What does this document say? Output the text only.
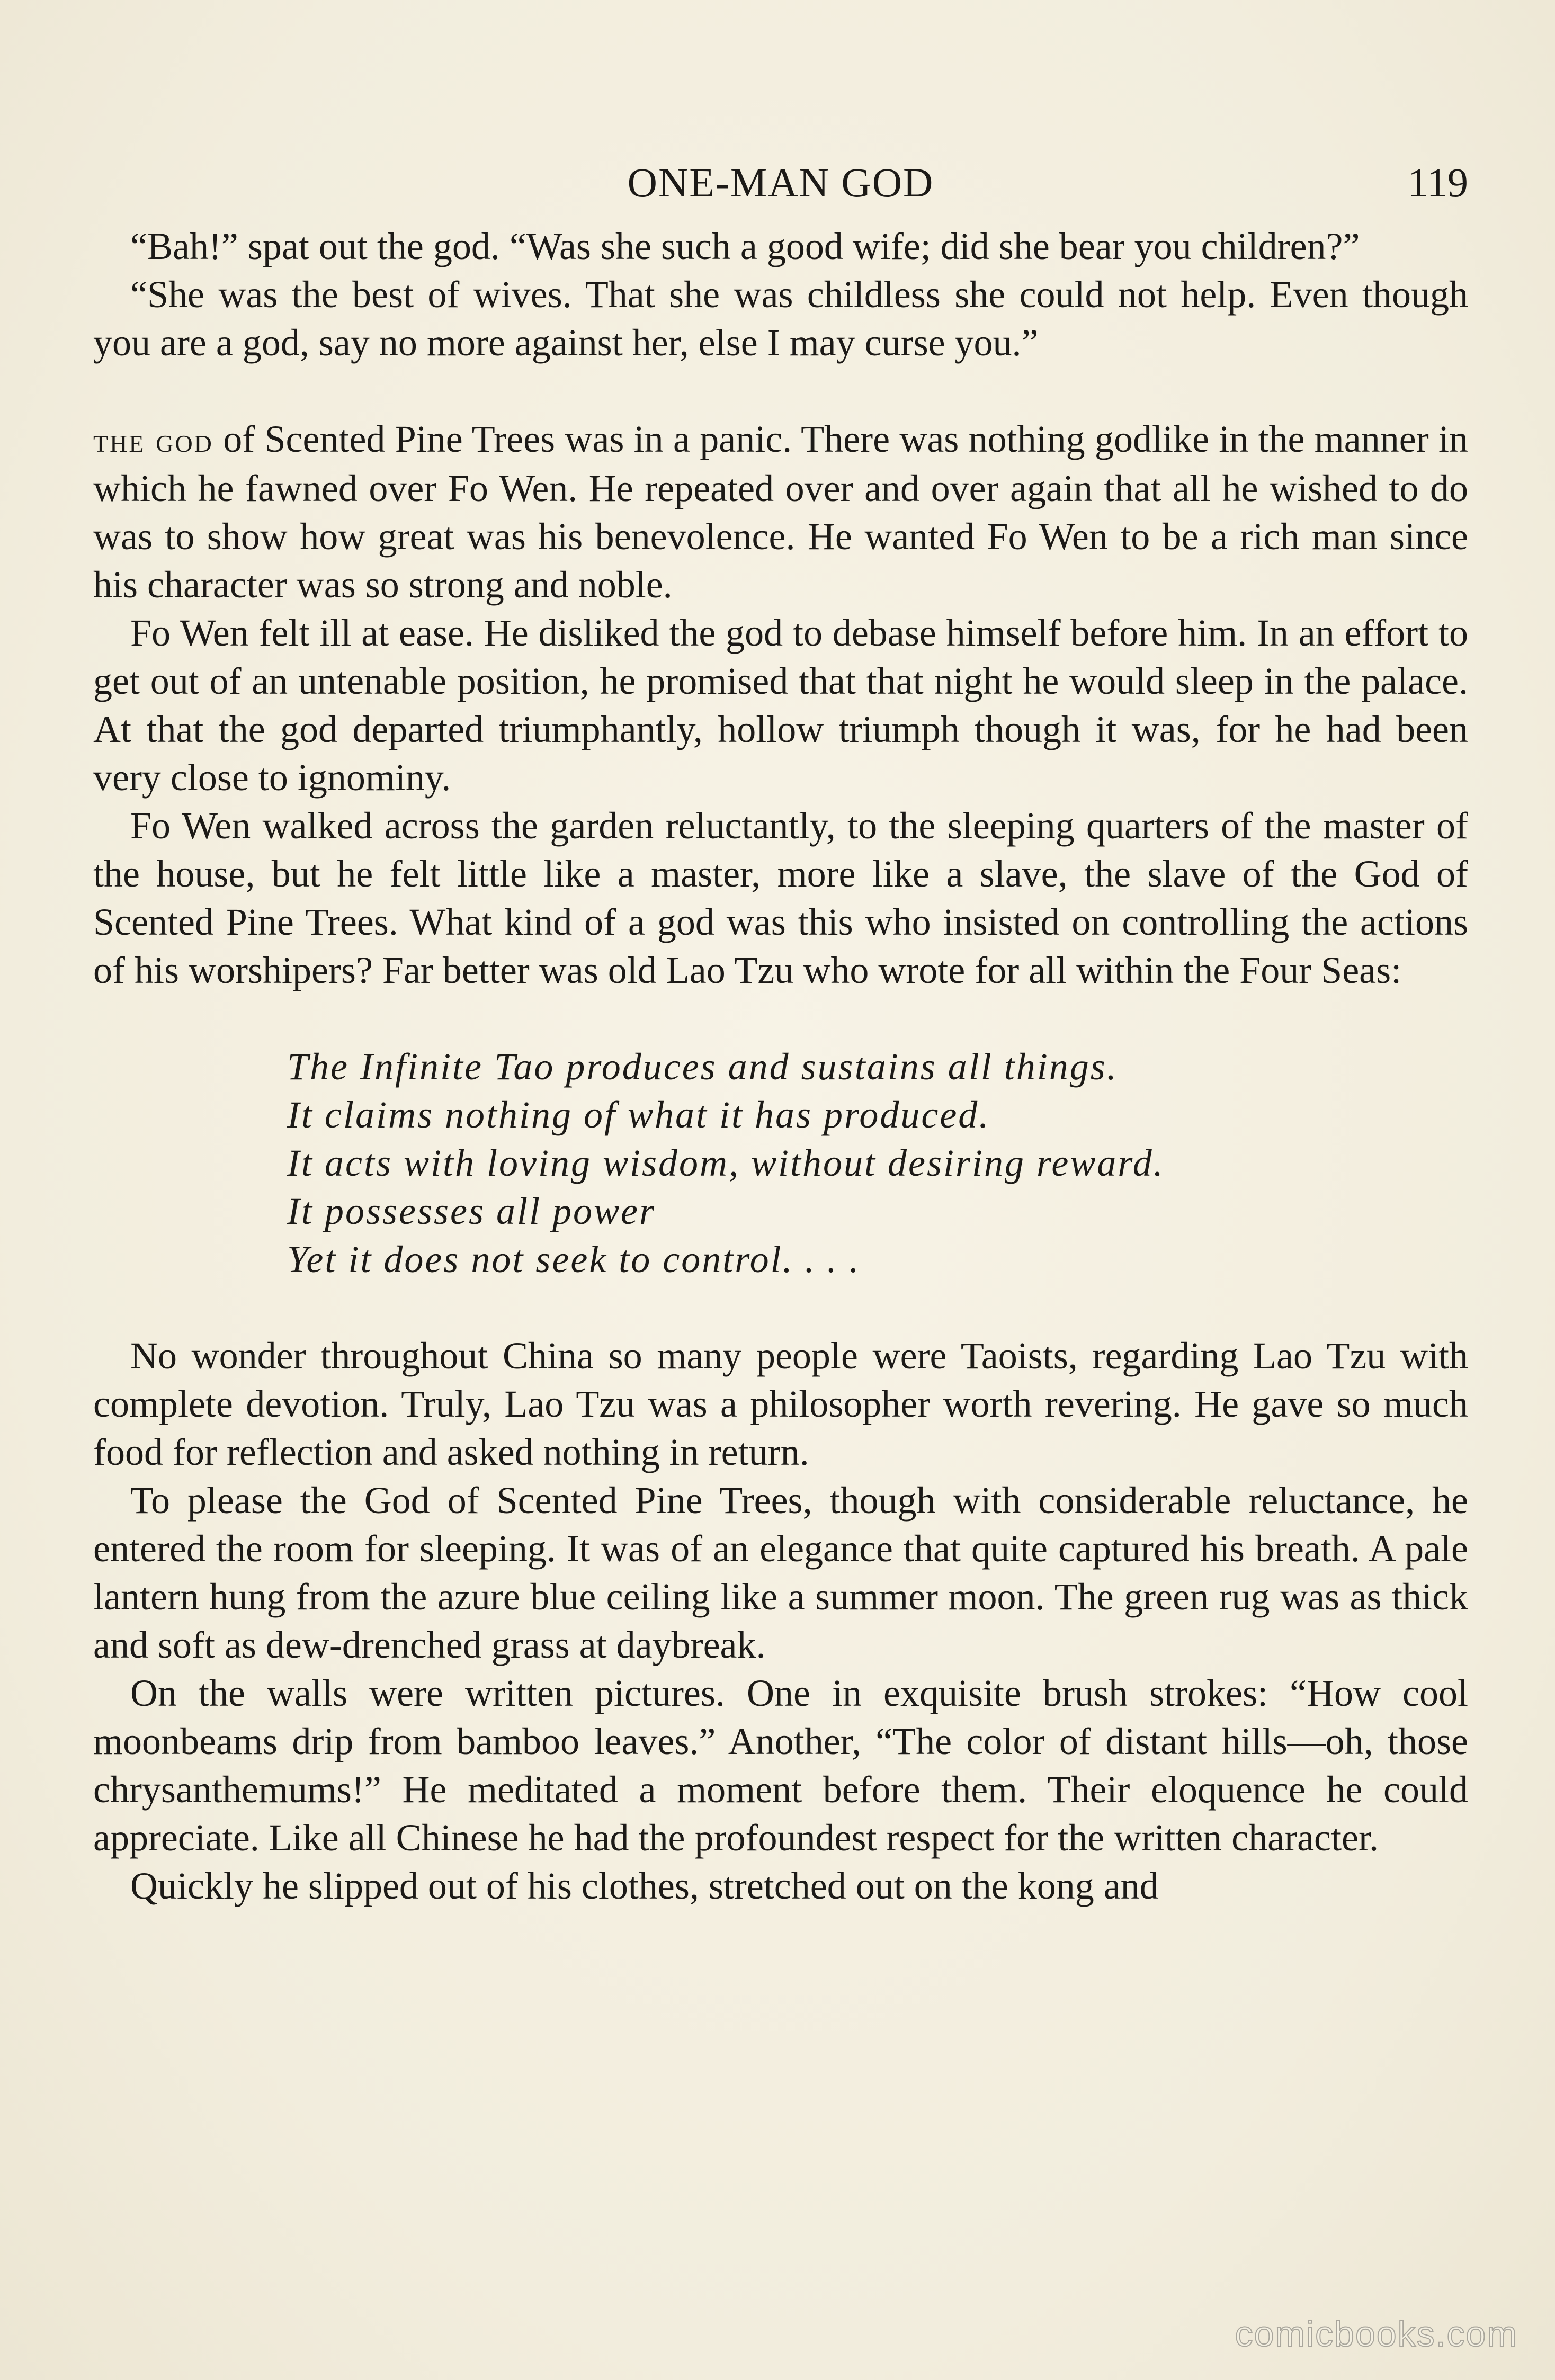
ONE-MAN GOD	119

“Bah!” spat out the god. “Was she such a good wife; did she bear you children?”

“She was the best of wives. That she was childless she could not help. Even though you are a god, say no more against her, else I may curse you.”

the god of Scented Pine Trees was in a panic. There was nothing godlike in the manner in which he fawned over Fo Wen. He repeated over and over again that all he wished to do was to show how great was his benevolence. He wanted Fo Wen to be a rich man since his character was so strong and noble.

Fo Wen felt ill at ease. He disliked the god to debase himself before him. In an effort to get out of an untenable position, he promised that that night he would sleep in the palace. At that the god departed triumphantly, hollow triumph though it was, for he had been very close to ignominy.

Fo Wen walked across the garden reluctantly, to the sleeping quarters of the master of the house, but he felt little like a master, more like a slave, the slave of the God of Scented Pine Trees. What kind of a god was this who insisted on controlling the actions of his worshipers? Far better was old Lao Tzu who wrote for all within the Four Seas:

The Infinite Tao produces and sustains all things.
It claims nothing of what it has produced.
It acts with loving wisdom, without desiring reward.
It possesses all power
Yet it does not seek to control. . . .

No wonder throughout China so many people were Taoists, regarding Lao Tzu with complete devotion. Truly, Lao Tzu was a philosopher worth revering. He gave so much food for reflection and asked nothing in return.

To please the God of Scented Pine Trees, though with considerable reluctance, he entered the room for sleeping. It was of an elegance that quite captured his breath. A pale lantern hung from the azure blue ceiling like a summer moon. The green rug was as thick and soft as dew-drenched grass at daybreak.

On the walls were written pictures. One in exquisite brush strokes: “How cool moonbeams drip from bamboo leaves.” Another, “The color of distant hills—oh, those chrysanthemums!” He meditated a moment before them. Their eloquence he could appreciate. Like all Chinese he had the profoundest respect for the written character.

Quickly he slipped out of his clothes, stretched out on the kong and

comicbooks.com
